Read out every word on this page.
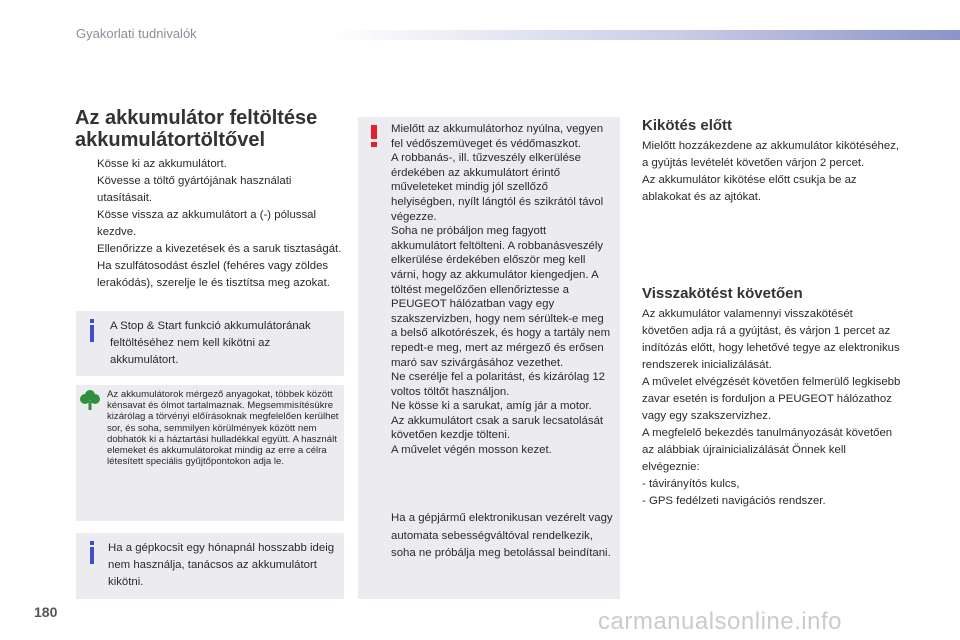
Gyakorlati tudnivalók
Az akkumulátor feltöltése akkumulátortöltővel
Kösse ki az akkumulátort.
Kövesse a töltő gyártójának használati utasításait.
Kösse vissza az akkumulátort a (-) pólussal kezdve.
Ellenőrizze a kivezetések és a saruk tisztaságát. Ha szulfátosodást észlel (fehéres vagy zöldes lerakódás), szerelje le és tisztítsa meg azokat.
A Stop & Start funkció akkumulátorának feltöltéséhez nem kell kikötni az akkumulátort.
Az akkumulátorok mérgező anyagokat, többek között kénsavat és ólmot tartalmaznak. Megsemmisítésükre kizárólag a törvényi előírásoknak megfelelően kerülhet sor, és soha, semmilyen körülmények között nem dobhatók ki a háztartási hulladékkal együtt. A használt elemeket és akkumulátorokat mindig az erre a célra létesített speciális gyűjtőpontokon adja le.
Ha a gépkocsit egy hónapnál hosszabb ideig nem használja, tanácsos az akkumulátort kikötni.
Mielőtt az akkumulátorhoz nyúlna, vegyen fel védőszemüveget és védőmaszkot.
A robbanás-, ill. tűzveszély elkerülése érdekében az akkumulátort érintő műveleteket mindig jól szellőző helyiségben, nyílt lángtól és szikrától távol végezze.
Soha ne próbáljon meg fagyott akkumulátort feltölteni. A robbanásveszély elkerülése érdekében először meg kell várni, hogy az akkumulátor kiengedjen. A töltést megelőzően ellenőriztesse a PEUGEOT hálózatban vagy egy szakszervizben, hogy nem sérültek-e meg a belső alkotórészek, és hogy a tartály nem repedt-e meg, mert az mérgező és erősen maró sav szivárgásához vezethet.
Ne cserélje fel a polaritást, és kizárólag 12 voltos töltőt használjon.
Ne kösse ki a sarukat, amíg jár a motor.
Az akkumulátort csak a saruk lecsatolását követően kezdje tölteni.
A művelet végén mosson kezet.
Ha a gépjármű elektronikusan vezérelt vagy automata sebességváltóval rendelkezik, soha ne próbálja meg betolással beindítani.
Kikötés előtt
Mielőtt hozzákezdene az akkumulátor kikötéséhez, a gyújtás levételét követően várjon 2 percet.
Az akkumulátor kikötése előtt csukja be az ablakokat és az ajtókat.
Visszakötést követően
Az akkumulátor valamennyi visszakötését követően adja rá a gyújtást, és várjon 1 percet az indítózás előtt, hogy lehetővé tegye az elektronikus rendszerek inicializálását.
A művelet elvégzését követően felmerülő legkisebb zavar esetén is forduljon a PEUGEOT hálózathoz vagy egy szakszervizhez.
A megfelelő bekezdés tanulmányozását követően az alábbiak újrainicializálását Önnek kell elvégeznie:
- távirányítós kulcs,
- GPS fedélzeti navigációs rendszer.
180	carmanualsonline.info
